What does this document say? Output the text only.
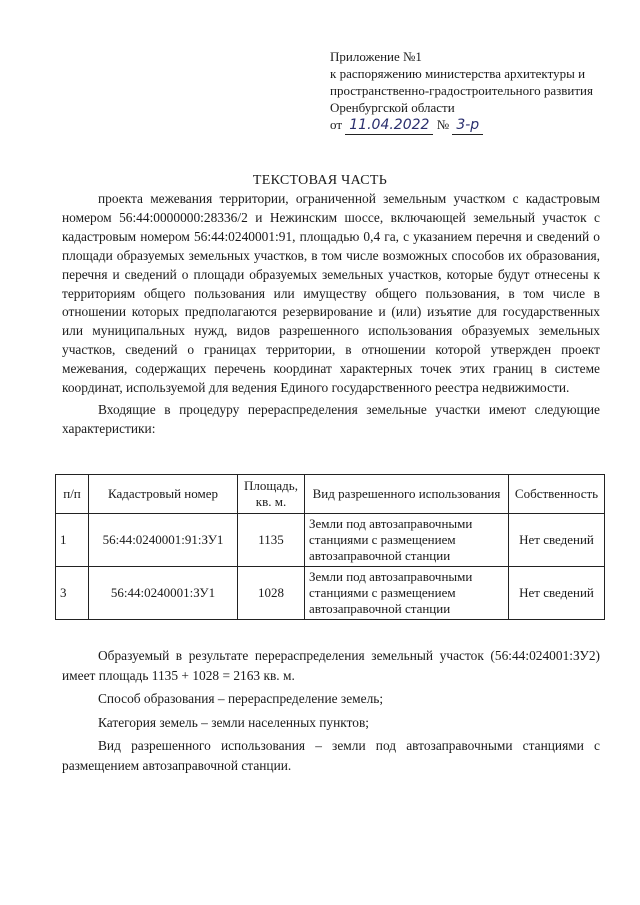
Приложение №1
к распоряжению министерства архитектуры и
пространственно-градостроительного развития
Оренбургской области
от 11.04.2022 № 3-р
ТЕКСТОВАЯ ЧАСТЬ

проекта межевания территории, ограниченной земельным участком с кадастровым номером 56:44:0000000:28336/2 и Нежинским шоссе, включающей земельный участок с кадастровым номером 56:44:0240001:91, площадью 0,4 га, с указанием перечня и сведений о площади образуемых земельных участков, в том числе возможных способов их образования, перечня и сведений о площади образуемых земельных участков, которые будут отнесены к территориям общего пользования или имуществу общего пользования, в том числе в отношении которых предполагаются резервирование и (или) изъятие для государственных или муниципальных нужд, видов разрешенного использования образуемых земельных участков, сведений о границах территории, в отношении которой утвержден проект межевания, содержащих перечень координат характерных точек этих границ в системе координат, используемой для ведения Единого государственного реестра недвижимости.

Входящие в процедуру перераспределения земельные участки имеют следующие характеристики:

п/п	Кадастровый номер	Площадь, кв. м.	Вид разрешенного использования	Собственность
1	56:44:0240001:91:ЗУ1	1135	Земли под автозаправочными станциями с размещением автозаправочной станции	Нет сведений
3	56:44:0240001:ЗУ1	1028	Земли под автозаправочными станциями с размещением автозаправочной станции	Нет сведений

Образуемый в результате перераспределения земельный участок (56:44:024001:ЗУ2) имеет площадь 1135 + 1028 = 2163 кв. м.

Способ образования – перераспределение земель;

Категория земель – земли населенных пунктов;

Вид разрешенного использования – земли под автозаправочными станциями с размещением автозаправочной станции.
